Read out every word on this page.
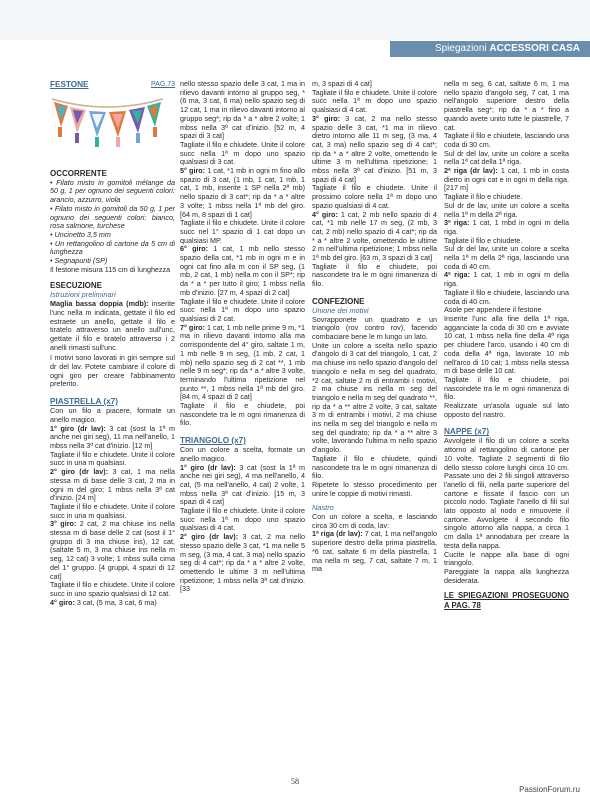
Spiegazioni ACCESSORI CASA
FESTONE	PAG.73
OCCORRENTE
• Filato misto in gomitoli mélange da 50 g, 1 per ognuno dei seguenti colori: arancio, azzurro, viola
• Filato misto in gomitoli da 50 g, 1 per ognuno dei seguenti colori: bianco, rosa salmone, turchese
• Uncinetto 3,5 mm
• Un rettangolino di cartone da 5 cm di lunghezza
• Segnapunti (SP)
Il festone misura 115 cm di lunghezza
ESECUZIONE
Istruzioni preliminari
Maglia bassa doppia (mdb): inserite l'unc nella m indicata, gettate il filo ed estraete un anello, gettate il filo e tiratelo attraverso un anello sull'unc, gettate il filo e tiratelo attraverso i 2 anelli rimasti sull'unc.
I motivi sono lavorati in giri sempre sul dr del lav. Potete cambiare il colore di ogni giro per creare l'abbinamento preferito.
PIASTRELLA (x7)
Con un filo a piacere, formate un anello magico.
1° giro (dr lav): 3 cat (sost la 1ª m anche nei giri seg), 11 ma nell'anello, 1 mbss nella 3ª cat d'inizio. [12 m]
Tagliate il filo e chiudete. Unite il colore succ in una m qualsiasi.
2° giro (dr lav): 3 cat, 1 ma nella stessa m di base delle 3 cat, 2 ma in ogni m del giro; 1 mbss nella 3ª cat d'inizio. [24 m]
Tagliate il filo e chiudete. Unite il colore succ in una m qualsiasi.
3° giro: 2 cat, 2 ma chiuse ins nella stessa m di base delle 2 cat (sost il 1° gruppo di 3 ma chiuse ins), 12 cat, (saltate 5 m, 3 ma chiuse ins nella m seg, 12 cat) 3 volte; 1 mbss sulla cima del 1° gruppo. [4 gruppi, 4 spazi di 12 cat]
Tagliate il filo e chiudete. Unite il colore succ in uno spazio qualsiasi di 12 cat.
4° giro: 3 cat, (5 ma, 3 cat, 6 ma)
nello stesso spazio delle 3 cat, 1 ma in rilievo davanti intorno al gruppo seg, *(6 ma, 3 cat, 6 ma) nello spazio seg di 12 cat, 1 ma in rilievo davanti intorno al gruppo seg*; rip da * a * altre 2 volte; 1 mbss nella 3ª cat d'inizio. [52 m, 4 spazi di 3 cat]
Tagliate il filo e chiudete. Unite il colore succ nella 1ª m dopo uno spazio qualsiasi di 3 cat.
5° giro: 1 cat, *1 mb in ogni m fino allo spazio di 3 cat, (1 mb, 1 cat, 1 mb, 1 cat, 1 mb, inserite 1 SP nella 2ª mb) nello spazio di 3 cat*; rip da * a * altre 3 volte; 1 mbss nella 1ª mb del giro. [64 m, 8 spazi di 1 cat]
Tagliate il filo e chiudete. Unite il colore succ nel 1° spazio di 1 cat dopo un qualsiasi MP.
6° giro: 1 cat, 1 mb nello stesso spazio della cat, *1 mb in ogni m e in ogni cat fino alla m con il SP seg, (1 mb, 2 cat, 1 mb) nella m con il SP*; rip da * a * per tutto il giro; 1 mbss nella mb d'inizio. [27 m, 4 spazi di 2 cat]
Tagliate il filo e chiudete. Unite il colore succ nella 1ª m dopo uno spazio qualsiasi di 2 cat.
7° giro: 1 cat, 1 mb nelle prime 9 m, *1 ma in rilievo davanti intorno alla ma corrispondente del 4° giro, saltate 1 m, 1 mb nelle 9 m seg, (1 mb, 2 cat, 1 mb) nello spazio seg di 2 cat **, 1 mb nelle 9 m seg*; rip da * a * altre 3 volte, terminando l'ultima ripetizione nel punto **, 1 mbss nella 1ª mb del giro. [84 m, 4 spazi di 2 cat]
Tagliate il filo e chiudete, poi nascondete tra le m ogni rimanenza di filo.
TRIANGOLO (x7)
Con un colore a scelta, formate un anello magico.
1° giro (dr lav): 3 cat (sost la 1ª m anche nei giri seg), 4 ma nell'anello, 4 cat, (5 ma nell'anello, 4 cat) 2 volte, 1 mbss nella 3ª cat d'inizio. [15 m, 3 spazi di 4 cat]
Tagliate il filo e chiudete. Unite il colore succ nella 1ª m dopo uno spazio qualsiasi di 4 cat.
2° giro (dr lav): 3 cat, 2 ma nello stesso spazio delle 3 cat, *1 ma nelle 5 m seg, (3 ma, 4 cat, 3 ma) nello spazio seg di 4 cat*; rip da * a * altre 2 volte, omettendo le ultime 3 m nell'ultima ripetizione; 1 mbss nella 3ª cat d'inizio. [33
m, 3 spazi di 4 cat]
Tagliate il filo e chiudete. Unite il colore succ nella 1ª m dopo uno spazio qualsiasi di 4 cat.
3° giro: 3 cat, 2 ma nello stesso spazio delle 3 cat, *1 ma in rilievo dietro intorno alle 11 m seg, (3 ma, 4 cat, 3 ma) nello spazio seg di 4 cat*; rip da * a * altre 2 volte, omettendo le ultime 3 m nell'ultima ripetizione; 1 mbss nella 3ª cat d'inizio. [51 m, 3 spazi di 4 cat]
Tagliate il filo e chiudete. Unite il prossimo colore nella 1ª m dopo uno spazio qualsiasi di 4 cat.
4° giro: 1 cat, 2 mb nello spazio di 4 cat, *1 mb nelle 17 m seg, (2 mb, 3 cat, 2 mb) nello spazio di 4 cat*; rip da * a * altre 2 volte, omettendo le ultime 2 m nell'ultima ripetizione; 1 mbss nella 1ª mb del giro. [63 m, 3 spazi di 3 cat]
Tagliate il filo e chiudete, poi nascondete tra le m ogni rimanenza di filo.
CONFEZIONE
Unione dei motivi
Sovrapponete un quadrato e un triangolo (rov contro rov), facendo combaciare bene le m lungo un lato.
Unite un colore a scelta nello spazio d'angolo di 3 cat del triangolo, 1 cat, 2 ma chiuse ins nello spazio d'angolo del triangolo e nella m seg del quadrato, *2 cat, saltate 2 m di entrambi i motivi, 2 ma chiuse ins nella m seg del triangolo e nella m seg del quadrato **, rip da * a ** altre 2 volte, 3 cat, saltate 3 m di entrambi i motivi, 2 ma chiuse ins nella m seg del triangolo e nella m seg del quadrato; rip da * a ** altre 3 volte, lavorando l'ultima m nello spazio d'angolo.
Tagliate il filo e chiudete, quindi nascondete tra le m ogni rimanenza di filo.
Ripetete lo stesso procedimento per unire le coppie di motivi rimasti.
Nastro
Con un colore a scelta, e lasciando circa 30 cm di coda, lav:
1ª riga (dr lav): 7 cat, 1 ma nell'angolo superiore destro della prima piastrella, *6 cat, saltate 6 m della piastrella, 1 ma nella m seg, 7 cat, saltate 7 m, 1 ma
nella m seg, 6 cat, saltate 6 m, 1 ma nello spazio d'angolo seg, 7 cat, 1 ma nell'angolo superiore destro della piastrella seg*; rip da * a * fino a quando avete unito tutte le piastrelle, 7 cat.
Tagliate il filo e chiudete, lasciando una coda di 30 cm.
Sul dr del lav, unite un colore a scelta nella 1ª cat della 1ª riga.
2ª riga (dr lav): 1 cat, 1 mb in costa dietro in ogni cat e in ogni m della riga. [217 m]
Tagliate il filo e chiudete.
Sul dr de lav, unite un colore a scelta nella 1ª m della 2ª riga.
3ª riga: 1 cat, 1 mbd in ogni m della riga.
Tagliate il filo e chiudete.
Sul dr del lav, unite un colore a scelta nella 1ª m della 2ª riga, lasciando una coda di 40 cm.
4ª riga: 1 cat, 1 mb in ogni m della riga.
Tagliate il filo e chiudete, lasciando una coda di 40 cm.
Asole per appendere il festone
Inserite l'unc alla fine della 1ª riga, agganciate la coda di 30 cm e avviate 10 cat, 1 mbss nella fine della 4ª riga per chiudere l'arco, usando i 40 cm di coda della 4ª riga, lavorate 10 mb nell'arco di 10 cat; 1 mbss nella stessa m di base delle 10 cat.
Tagliate il filo e chiudete, poi nascondete tra le m ogni rimanenza di filo.
Realizzate un'asola uguale sul lato opposto del nastro.
NAPPE (x7)
Avvolgete il filo di un colore a scelta attorno al rettangolino di cartone per 10 volte. Tagliate 2 segmenti di filo dello stesso colore lunghi circa 10 cm. Passate uno dei 2 fili singoli attraverso l'anello di fili, nella parte superiore del cartone e fissate il fascio con un piccolo nodo. Tagliate l'anello di fili sul lato opposto al nodo e rimuovete il cartone. Avvolgete il secondo filo singolo attorno alla nappa, a circa 1 cm dalla 1ª annodatura per creare la testa della nappa.
Cucite le nappe alla base di ogni triangolo.
Pareggiate la nappa alla lunghezza desiderata.
LE SPIEGAZIONI PROSEGUONO A PAG. 78
58
PassionForum.ru
